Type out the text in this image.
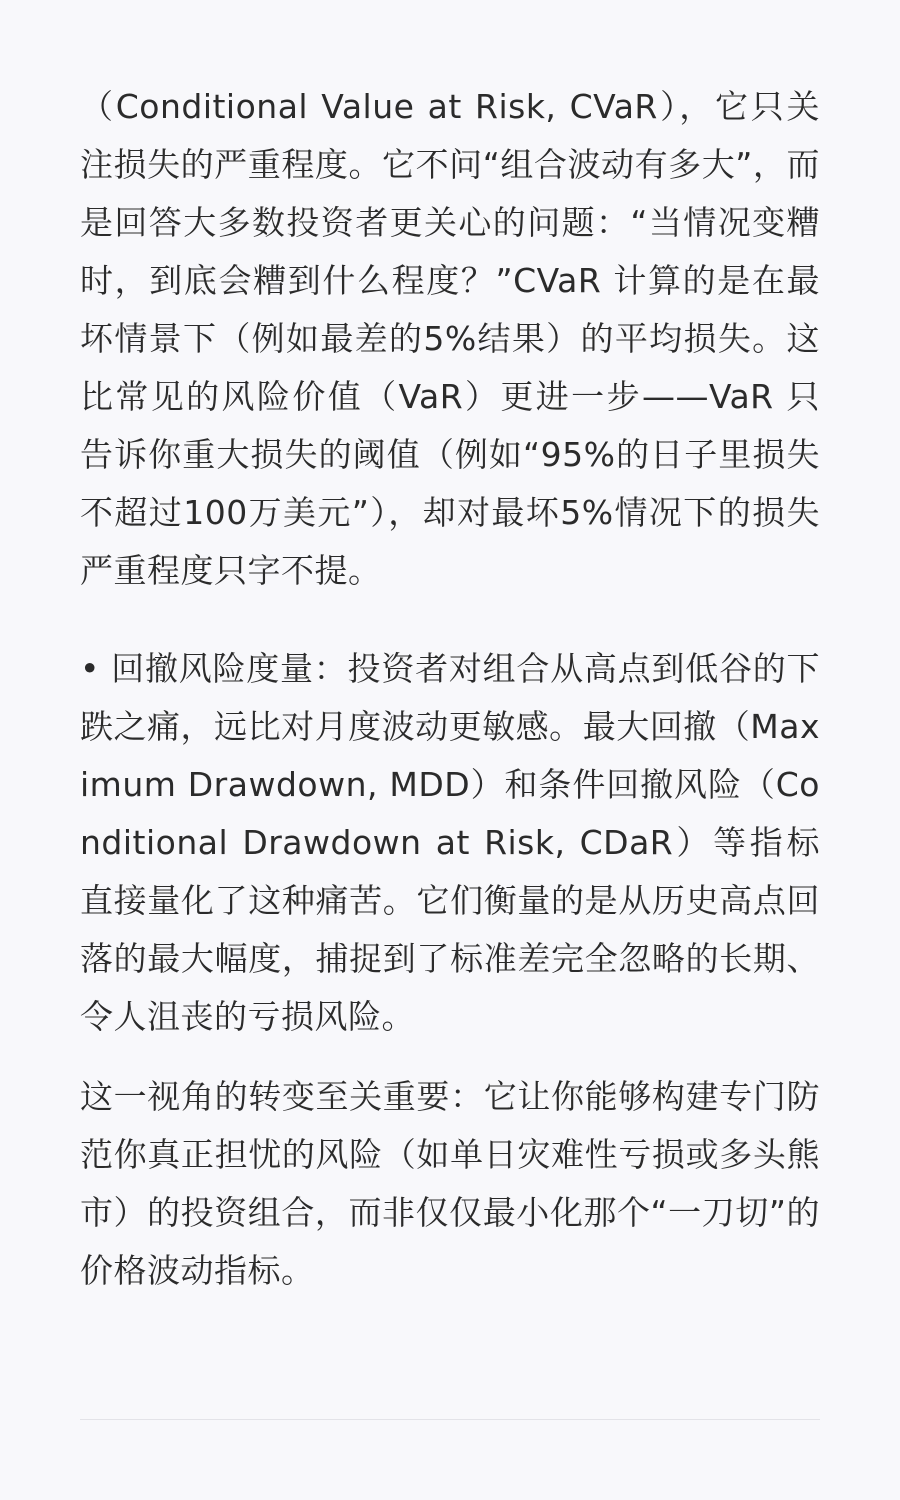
（Conditional Value at Risk, CVaR），它只关注损失的严重程度。它不问“组合波动有多大”，而是回答大多数投资者更关心的问题：“当情况变糟时，到底会糟到什么程度？”CVaR 计算的是在最坏情景下（例如最差的5%结果）的平均损失。这比常见的风险价值（VaR）更进一步——VaR 只告诉你重大损失的阈值（例如“95%的日子里损失不超过100万美元”），却对最坏5%情况下的损失严重程度只字不提。

• 回撤风险度量：投资者对组合从高点到低谷的下跌之痛，远比对月度波动更敏感。最大回撤（Maximum Drawdown, MDD）和条件回撤风险（Conditional Drawdown at Risk, CDaR）等指标直接量化了这种痛苦。它们衡量的是从历史高点回落的最大幅度，捕捉到了标准差完全忽略的长期、令人沮丧的亏损风险。

这一视角的转变至关重要：它让你能够构建专门防范你真正担忧的风险（如单日灾难性亏损或多头熊市）的投资组合，而非仅仅最小化那个“一刀切”的价格波动指标。
